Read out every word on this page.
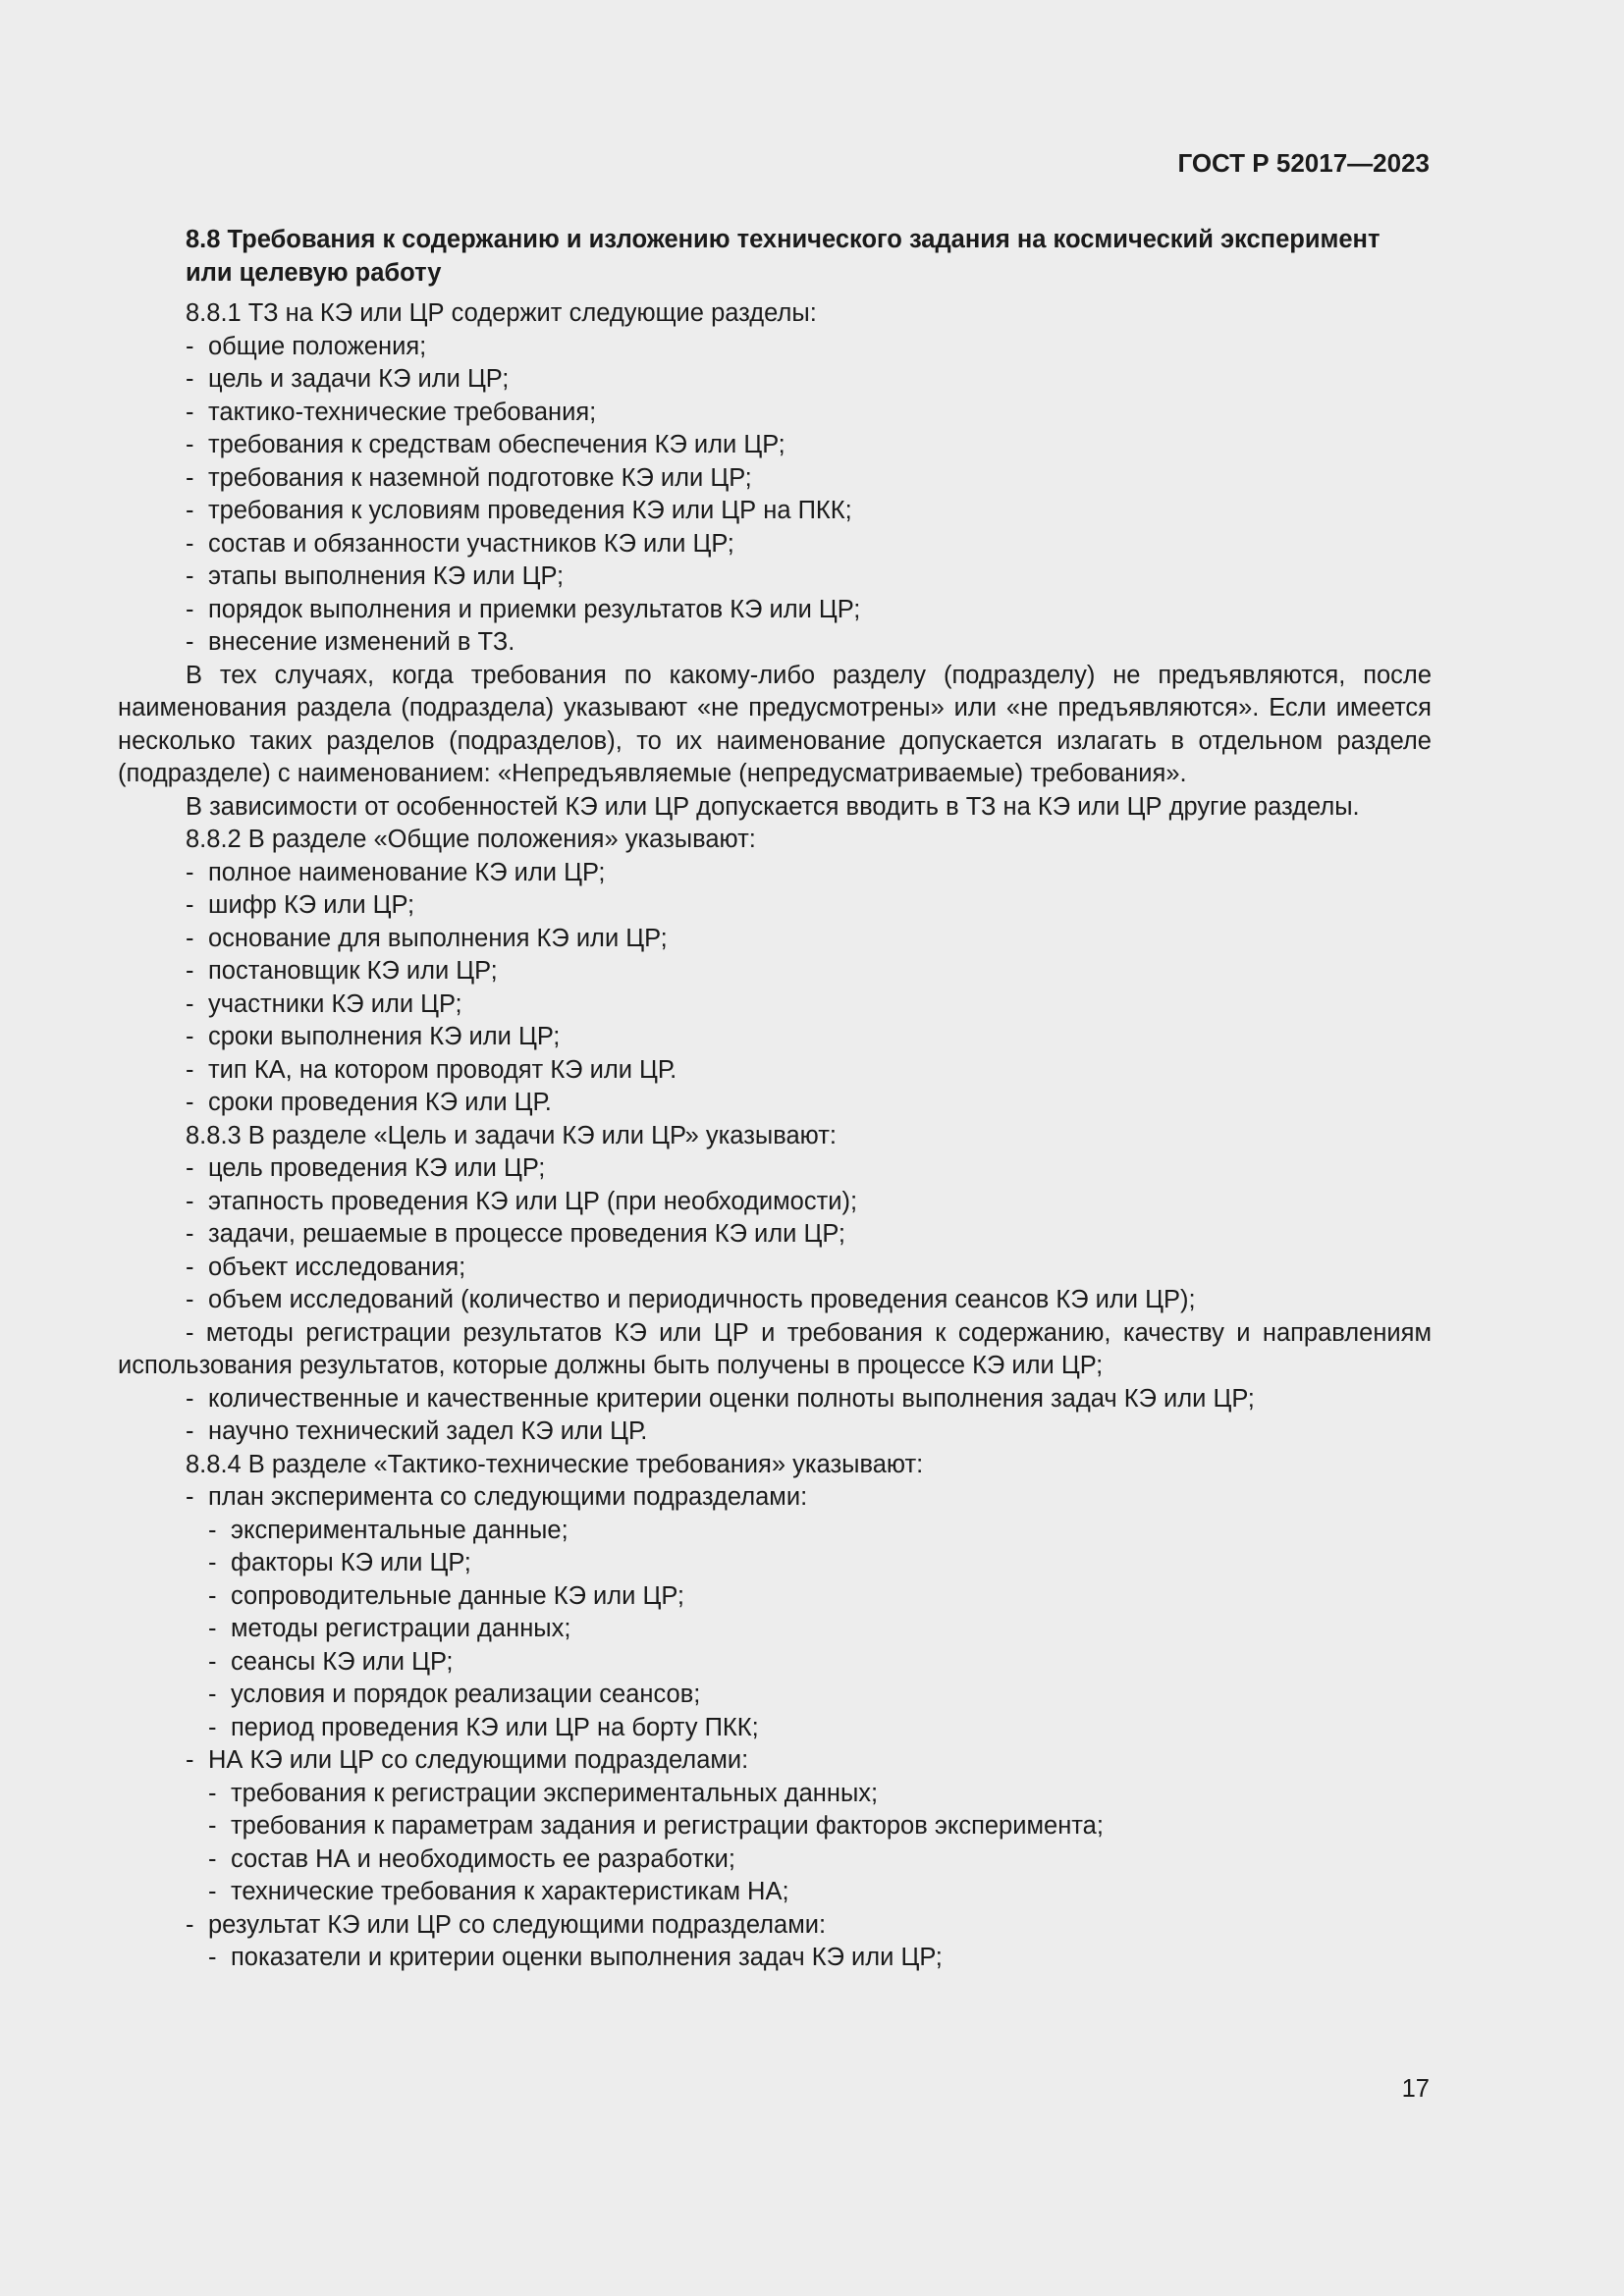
ГОСТ Р 52017—2023
8.8 Требования к содержанию и изложению технического задания на космический эксперимент или целевую работу
8.8.1 ТЗ на КЭ или ЦР содержит следующие разделы:
- общие положения;
- цель и задачи КЭ или ЦР;
- тактико-технические требования;
- требования к средствам обеспечения КЭ или ЦР;
- требования к наземной подготовке КЭ или ЦР;
- требования к условиям проведения КЭ или ЦР на ПКК;
- состав и обязанности участников КЭ или ЦР;
- этапы выполнения КЭ или ЦР;
- порядок выполнения и приемки результатов КЭ или ЦР;
- внесение изменений в ТЗ.
В тех случаях, когда требования по какому-либо разделу (подразделу) не предъявляются, после наименования раздела (подраздела) указывают «не предусмотрены» или «не предъявляются». Если имеется несколько таких разделов (подразделов), то их наименование допускается излагать в отдельном разделе (подразделе) с наименованием: «Непредъявляемые (непредусматриваемые) требования».
В зависимости от особенностей КЭ или ЦР допускается вводить в ТЗ на КЭ или ЦР другие разделы.
8.8.2 В разделе «Общие положения» указывают:
- полное наименование КЭ или ЦР;
- шифр КЭ или ЦР;
- основание для выполнения КЭ или ЦР;
- постановщик КЭ или ЦР;
- участники КЭ или ЦР;
- сроки выполнения КЭ или ЦР;
- тип КА, на котором проводят КЭ или ЦР.
- сроки проведения КЭ или ЦР.
8.8.3 В разделе «Цель и задачи КЭ или ЦР» указывают:
- цель проведения КЭ или ЦР;
- этапность проведения КЭ или ЦР (при необходимости);
- задачи, решаемые в процессе проведения КЭ или ЦР;
- объект исследования;
- объем исследований (количество и периодичность проведения сеансов КЭ или ЦР);
- методы регистрации результатов КЭ или ЦР и требования к содержанию, качеству и направлениям использования результатов, которые должны быть получены в процессе КЭ или ЦР;
- количественные и качественные критерии оценки полноты выполнения задач КЭ или ЦР;
- научно технический задел КЭ или ЦР.
8.8.4 В разделе «Тактико-технические требования» указывают:
- план эксперимента со следующими подразделами:
- экспериментальные данные;
- факторы КЭ или ЦР;
- сопроводительные данные КЭ или ЦР;
- методы регистрации данных;
- сеансы КЭ или ЦР;
- условия и порядок реализации сеансов;
- период проведения КЭ или ЦР на борту ПКК;
- НА КЭ или ЦР со следующими подразделами:
- требования к регистрации экспериментальных данных;
- требования к параметрам задания и регистрации факторов эксперимента;
- состав НА и необходимость ее разработки;
- технические требования к характеристикам НА;
- результат КЭ или ЦР со следующими подразделами:
- показатели и критерии оценки выполнения задач КЭ или ЦР;
17
